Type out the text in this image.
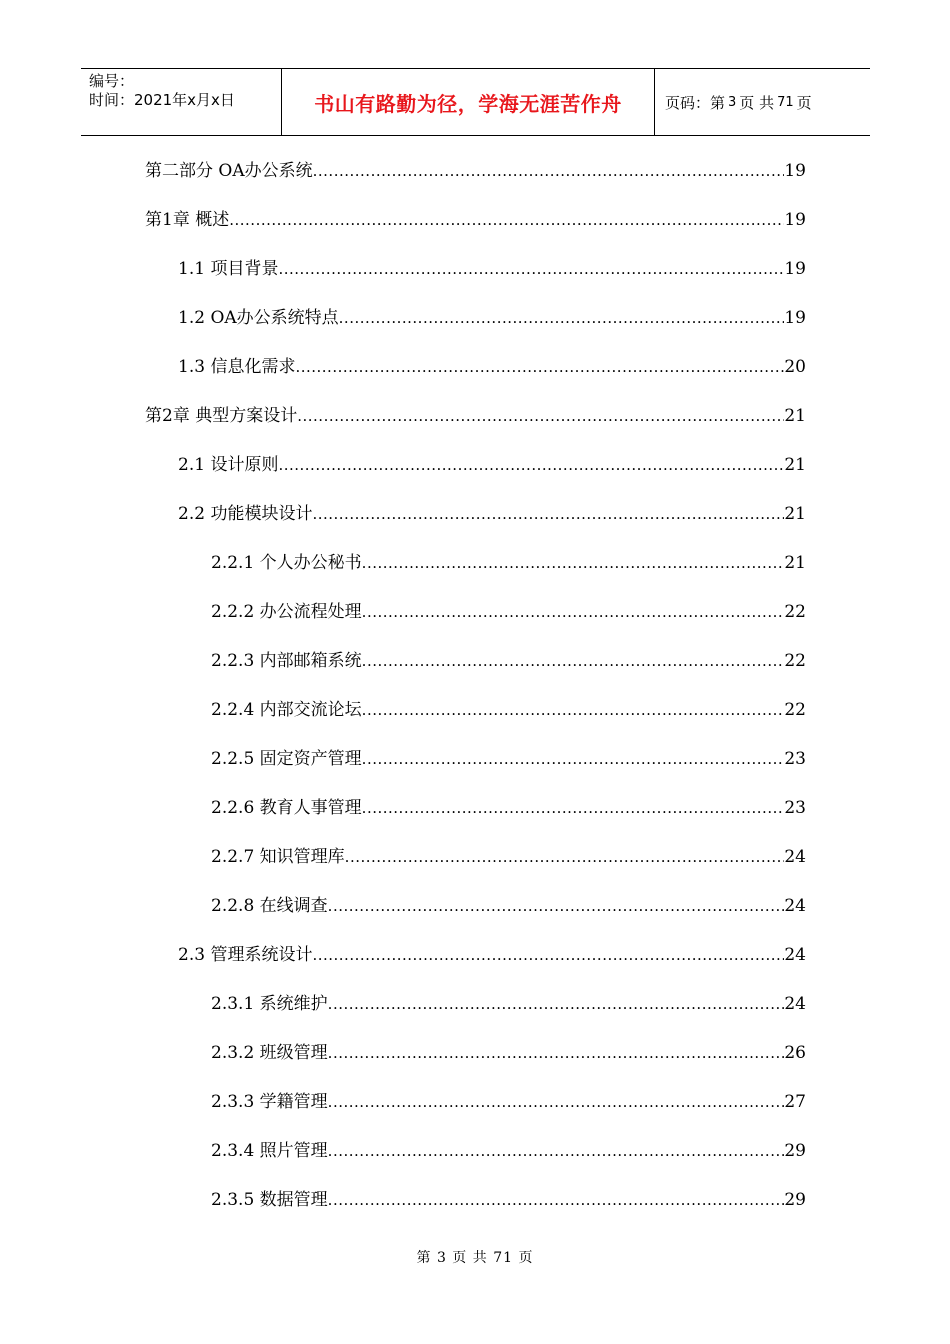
编号：
时间：2021年x月x日	书山有路勤为径，学海无涯苦作舟	页码：第 3 页 共 71 页
第二部分 OA办公系统 .....	19
第1章 概述 .....	19
1.1 项目背景 .....	19
1.2 OA办公系统特点 .....	19
1.3 信息化需求 .....	20
第2章 典型方案设计 .....	21
2.1 设计原则 .....	21
2.2 功能模块设计 .....	21
2.2.1 个人办公秘书 .....	21
2.2.2 办公流程处理 .....	22
2.2.3 内部邮箱系统 .....	22
2.2.4 内部交流论坛 .....	22
2.2.5 固定资产管理 .....	23
2.2.6 教育人事管理 .....	23
2.2.7 知识管理库 .....	24
2.2.8 在线调查 .....	24
2.3 管理系统设计 .....	24
2.3.1 系统维护 .....	24
2.3.2 班级管理 .....	26
2.3.3 学籍管理 .....	27
2.3.4 照片管理 .....	29
2.3.5 数据管理 .....	29
第 3 页 共 71 页
